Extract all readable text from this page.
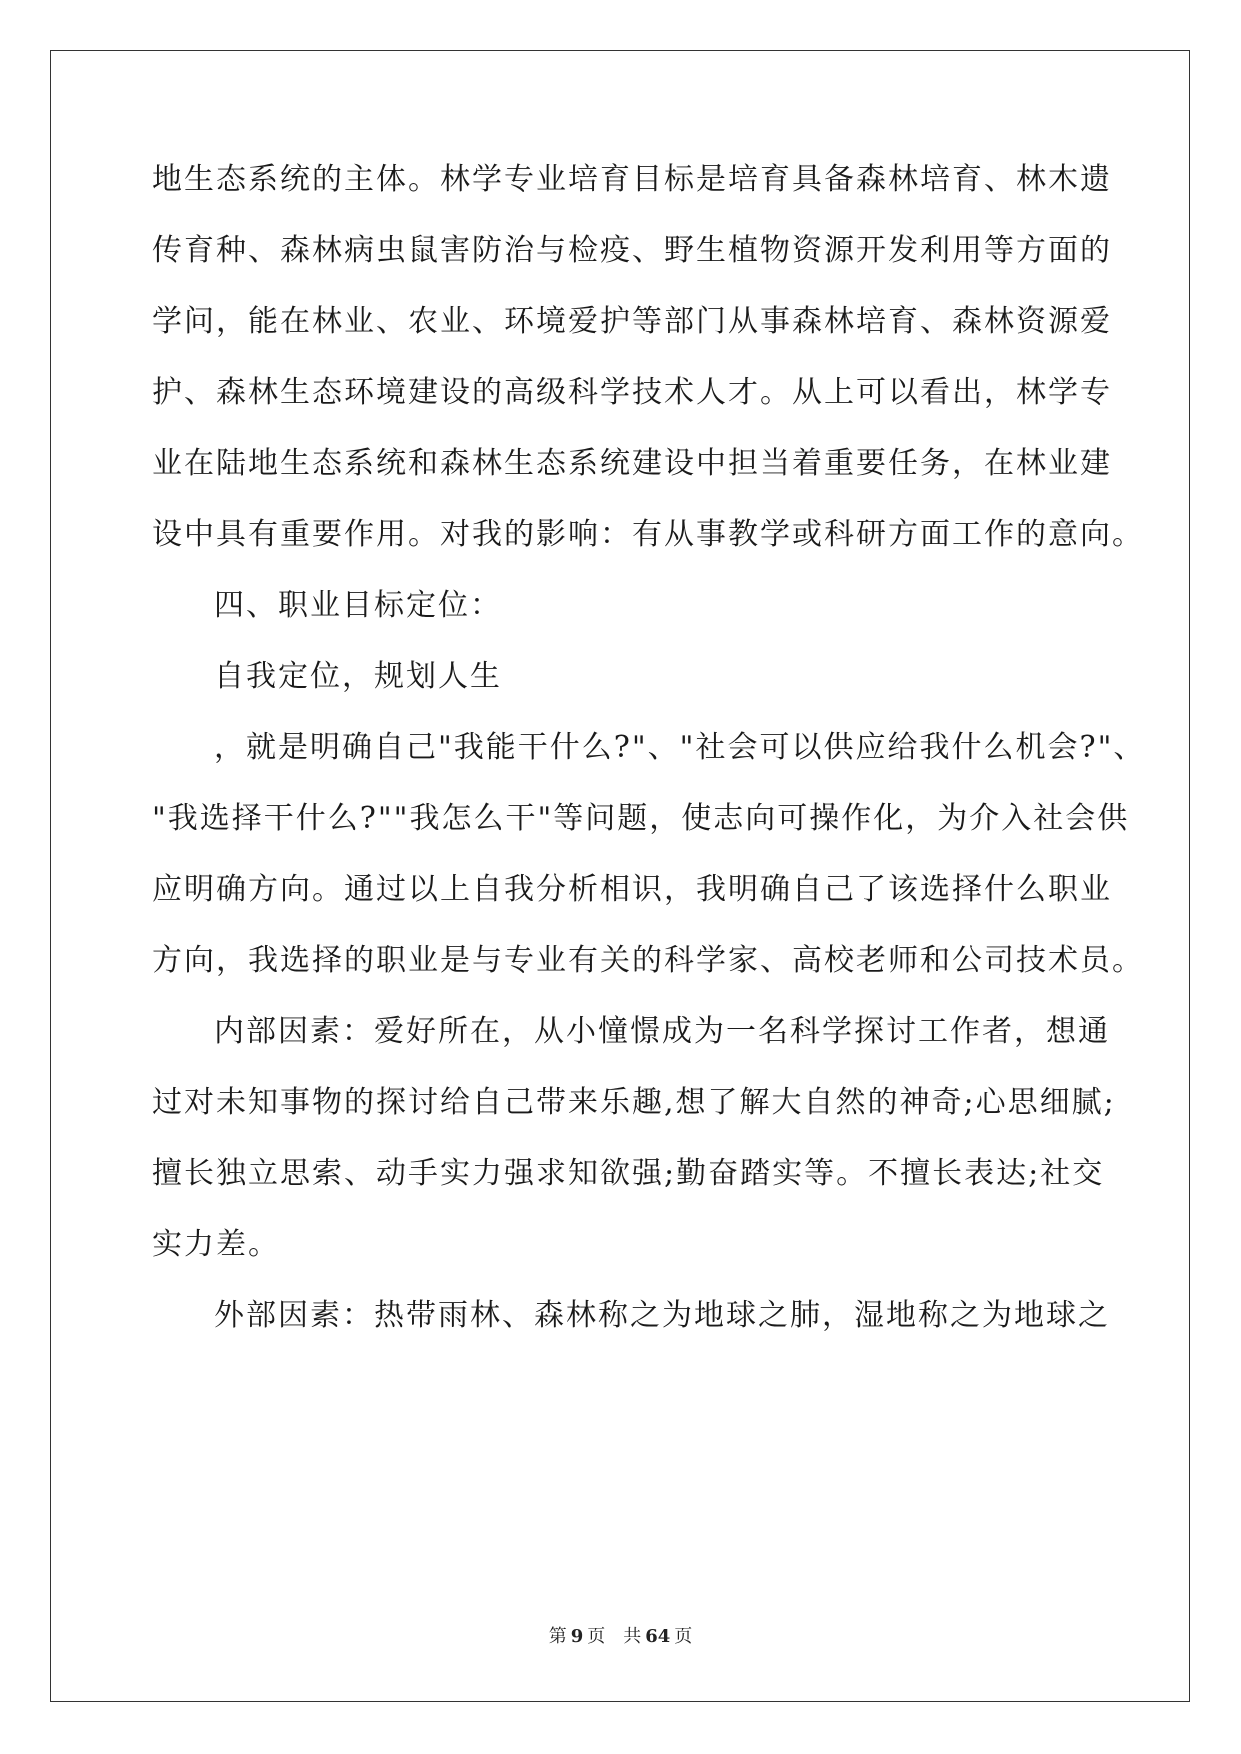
地生态系统的主体。林学专业培育目标是培育具备森林培育、林木遗
传育种、森林病虫鼠害防治与检疫、野生植物资源开发利用等方面的
学问，能在林业、农业、环境爱护等部门从事森林培育、森林资源爱
护、森林生态环境建设的高级科学技术人才。从上可以看出，林学专
业在陆地生态系统和森林生态系统建设中担当着重要任务，在林业建
设中具有重要作用。对我的影响：有从事教学或科研方面工作的意向。
四、职业目标定位：
自我定位，规划人生
，就是明确自己"我能干什么?"、"社会可以供应给我什么机会?"、
"我选择干什么?""我怎么干"等问题，使志向可操作化，为介入社会供
应明确方向。通过以上自我分析相识，我明确自己了该选择什么职业
方向，我选择的职业是与专业有关的科学家、高校老师和公司技术员。
内部因素：爱好所在，从小憧憬成为一名科学探讨工作者，想通
过对未知事物的探讨给自己带来乐趣,想了解大自然的神奇;心思细腻;
擅长独立思索、动手实力强求知欲强;勤奋踏实等。不擅长表达;社交
实力差。
外部因素：热带雨林、森林称之为地球之肺，湿地称之为地球之
第 9 页 共 64 页
